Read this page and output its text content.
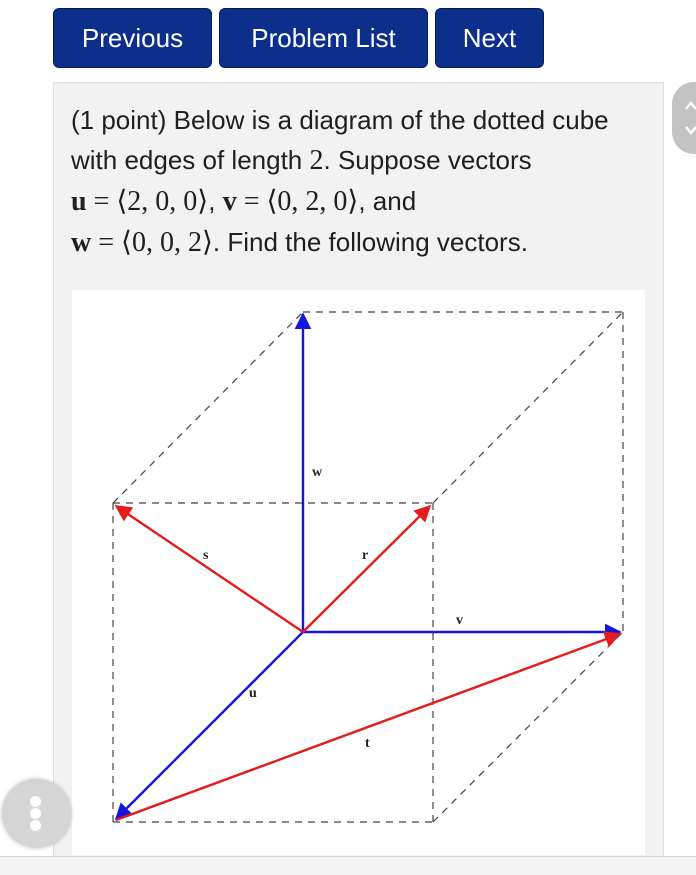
Previous	Problem List	Next
(1 point) Below is a diagram of the dotted cube with edges of length 2. Suppose vectors
u = ⟨2, 0, 0⟩, v = ⟨0, 2, 0⟩, and
w = ⟨0, 0, 2⟩. Find the following vectors.
w
s	r
v
u
t
